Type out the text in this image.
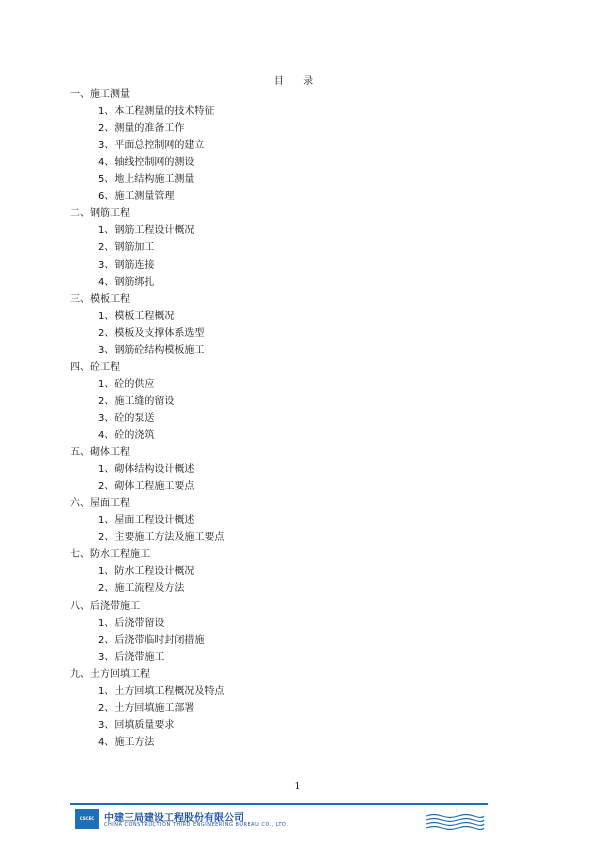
目 录
一、施工测量
1、本工程测量的技术特征
2、测量的准备工作
3、平面总控制网的建立
4、轴线控制网的测设
5、地上结构施工测量
6、施工测量管理
二、钢筋工程
1、钢筋工程设计概况
2、钢筋加工
3、钢筋连接
4、钢筋绑扎
三、模板工程
1、模板工程概况
2、模板及支撑体系选型
3、钢筋砼结构模板施工
四、砼工程
1、砼的供应
2、施工缝的留设
3、砼的泵送
4、砼的浇筑
五、砌体工程
1、砌体结构设计概述
2、砌体工程施工要点
六、屋面工程
1、屋面工程设计概述
2、主要施工方法及施工要点
七、防水工程施工
1、防水工程设计概况
2、施工流程及方法
八、后浇带施工
1、后浇带留设
2、后浇带临时封闭措施
3、后浇带施工
九、土方回填工程
1、土方回填工程概况及特点
2、土方回填施工部署
3、回填质量要求
4、施工方法
1
CSCEC 中建三局建设工程股份有限公司
CHINA CONSTRUCTION THIRD ENGINEERING BUREAU CO., LTD.
